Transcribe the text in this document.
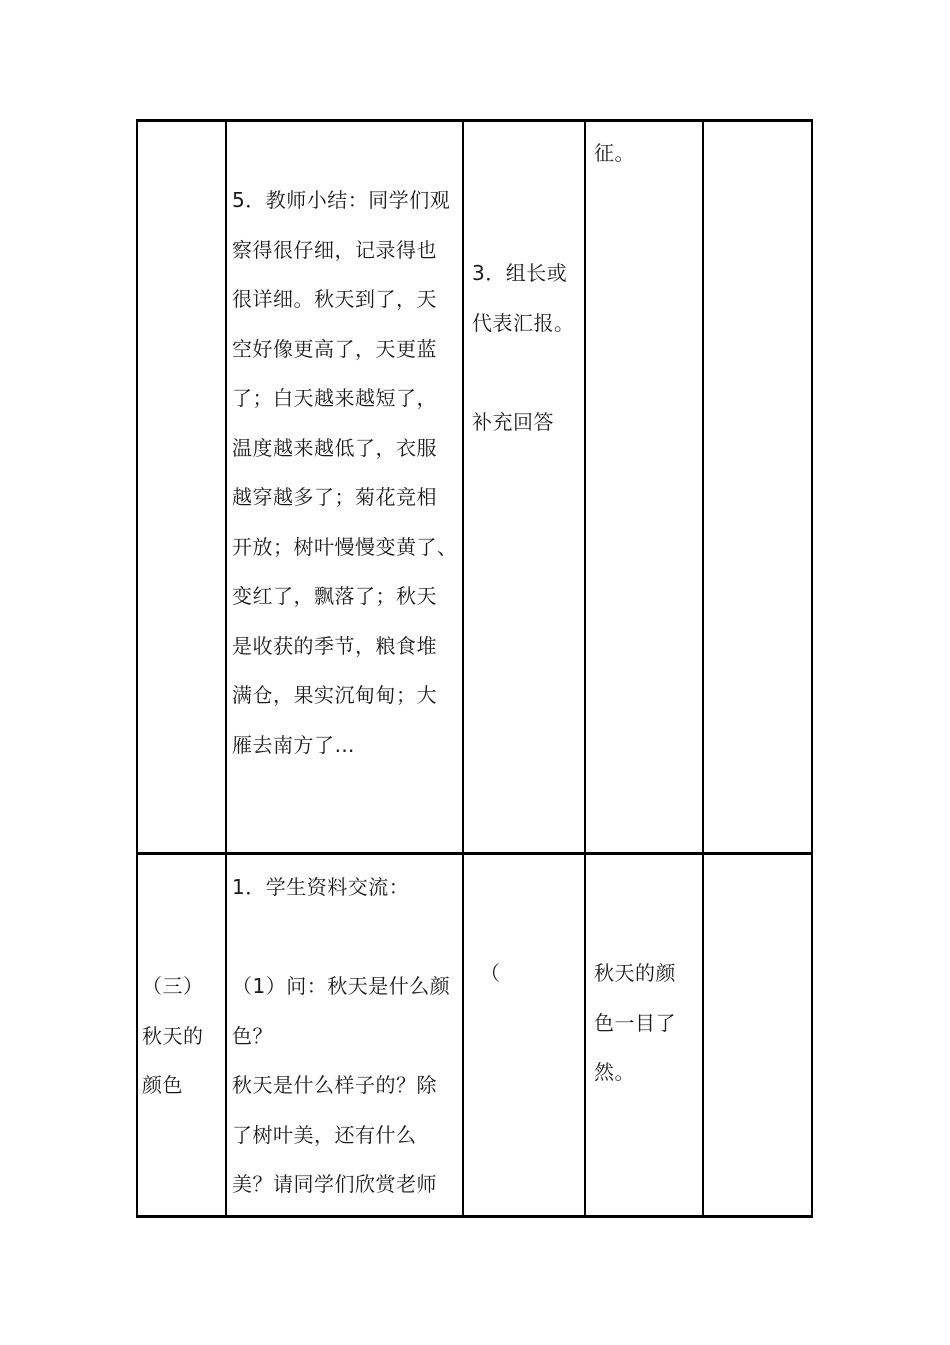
5．教师小结：同学们观
察得很仔细，记录得也
很详细。秋天到了，天
空好像更高了，天更蓝
了；白天越来越短了，
温度越来越低了，衣服
越穿越多了；菊花竞相
开放；树叶慢慢变黄了、
变红了，飘落了；秋天
是收获的季节，粮食堆
满仓，果实沉甸甸；大
雁去南方了…
3．组长或
代表汇报。

补充回答
征。
（三）
秋天的
颜色
1．学生资料交流：

（1）问：秋天是什么颜
色？
秋天是什么样子的？除
了树叶美，还有什么
美？请同学们欣赏老师
（	秋天的颜
色一目了
然。
